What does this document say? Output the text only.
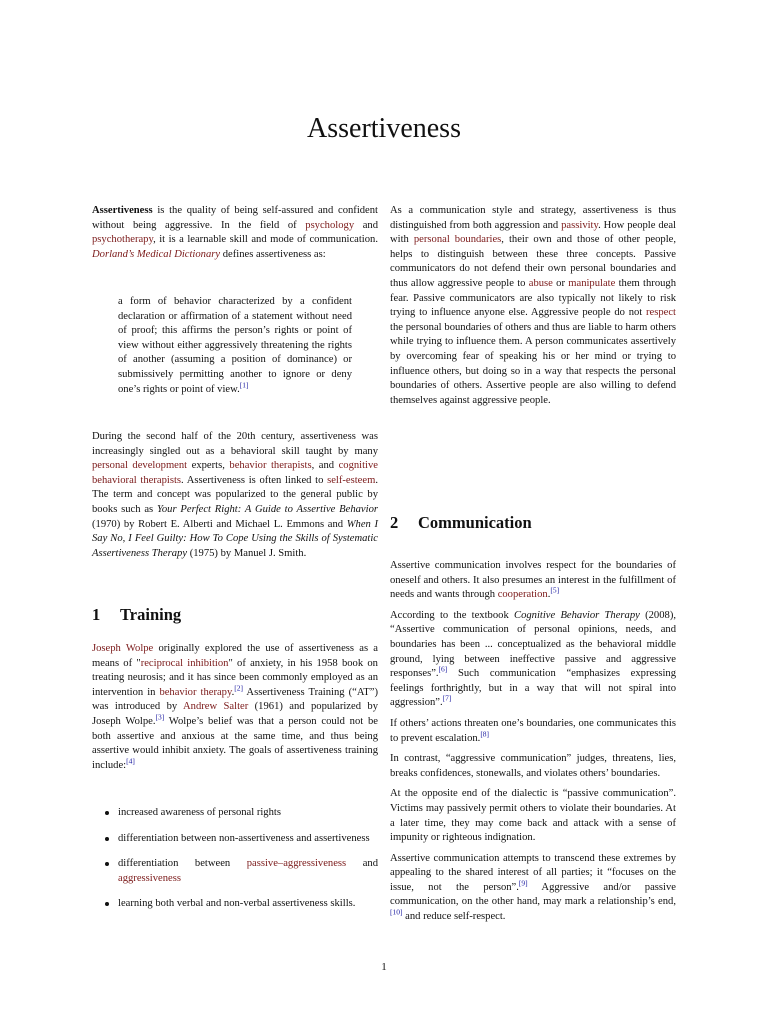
Assertiveness

Assertiveness is the quality of being self-assured and confident without being aggressive. In the field of psychology and psychotherapy, it is a learnable skill and mode of communication. Dorland’s Medical Dictionary defines assertiveness as:

a form of behavior characterized by a confident declaration or affirmation of a statement without need of proof; this affirms the person’s rights or point of view without either aggressively threatening the rights of another (assuming a position of dominance) or submissively permitting another to ignore or deny one’s rights or point of view.[1]

During the second half of the 20th century, assertiveness was increasingly singled out as a behavioral skill taught by many personal development experts, behavior therapists, and cognitive behavioral therapists. Assertiveness is often linked to self-esteem. The term and concept was popularized to the general public by books such as Your Perfect Right: A Guide to Assertive Behavior (1970) by Robert E. Alberti and Michael L. Emmons and When I Say No, I Feel Guilty: How To Cope Using the Skills of Systematic Assertiveness Therapy (1975) by Manuel J. Smith.

1 Training

Joseph Wolpe originally explored the use of assertiveness as a means of "reciprocal inhibition" of anxiety, in his 1958 book on treating neurosis; and it has since been commonly employed as an intervention in behavior therapy.[2] Assertiveness Training (“AT”) was introduced by Andrew Salter (1961) and popularized by Joseph Wolpe.[3] Wolpe’s belief was that a person could not be both assertive and anxious at the same time, and thus being assertive would inhibit anxiety. The goals of assertiveness training include:[4]

increased awareness of personal rights
differentiation between non-assertiveness and assertiveness
differentiation between passive–aggressiveness and aggressiveness
learning both verbal and non-verbal assertiveness skills.

As a communication style and strategy, assertiveness is thus distinguished from both aggression and passivity. How people deal with personal boundaries, their own and those of other people, helps to distinguish between these three concepts. Passive communicators do not defend their own personal boundaries and thus allow aggressive people to abuse or manipulate them through fear. Passive communicators are also typically not likely to risk trying to influence anyone else. Aggressive people do not respect the personal boundaries of others and thus are liable to harm others while trying to influence them. A person communicates assertively by overcoming fear of speaking his or her mind or trying to influence others, but doing so in a way that respects the personal boundaries of others. Assertive people are also willing to defend themselves against aggressive people.

2 Communication

Assertive communication involves respect for the boundaries of oneself and others. It also presumes an interest in the fulfillment of needs and wants through cooperation.[5]

According to the textbook Cognitive Behavior Therapy (2008), “Assertive communication of personal opinions, needs, and boundaries has been ... conceptualized as the behavioral middle ground, lying between ineffective passive and aggressive responses”.[6] Such communication “emphasizes expressing feelings forthrightly, but in a way that will not spiral into aggression”.[7]

If others’ actions threaten one’s boundaries, one communicates this to prevent escalation.[8]

In contrast, “aggressive communication” judges, threatens, lies, breaks confidences, stonewalls, and violates others’ boundaries.

At the opposite end of the dialectic is “passive communication”. Victims may passively permit others to violate their boundaries. At a later time, they may come back and attack with a sense of impunity or righteous indignation.

Assertive communication attempts to transcend these extremes by appealing to the shared interest of all parties; it “focuses on the issue, not the person”.[9] Aggressive and/or passive communication, on the other hand, may mark a relationship’s end,[10] and reduce self-respect.

1
